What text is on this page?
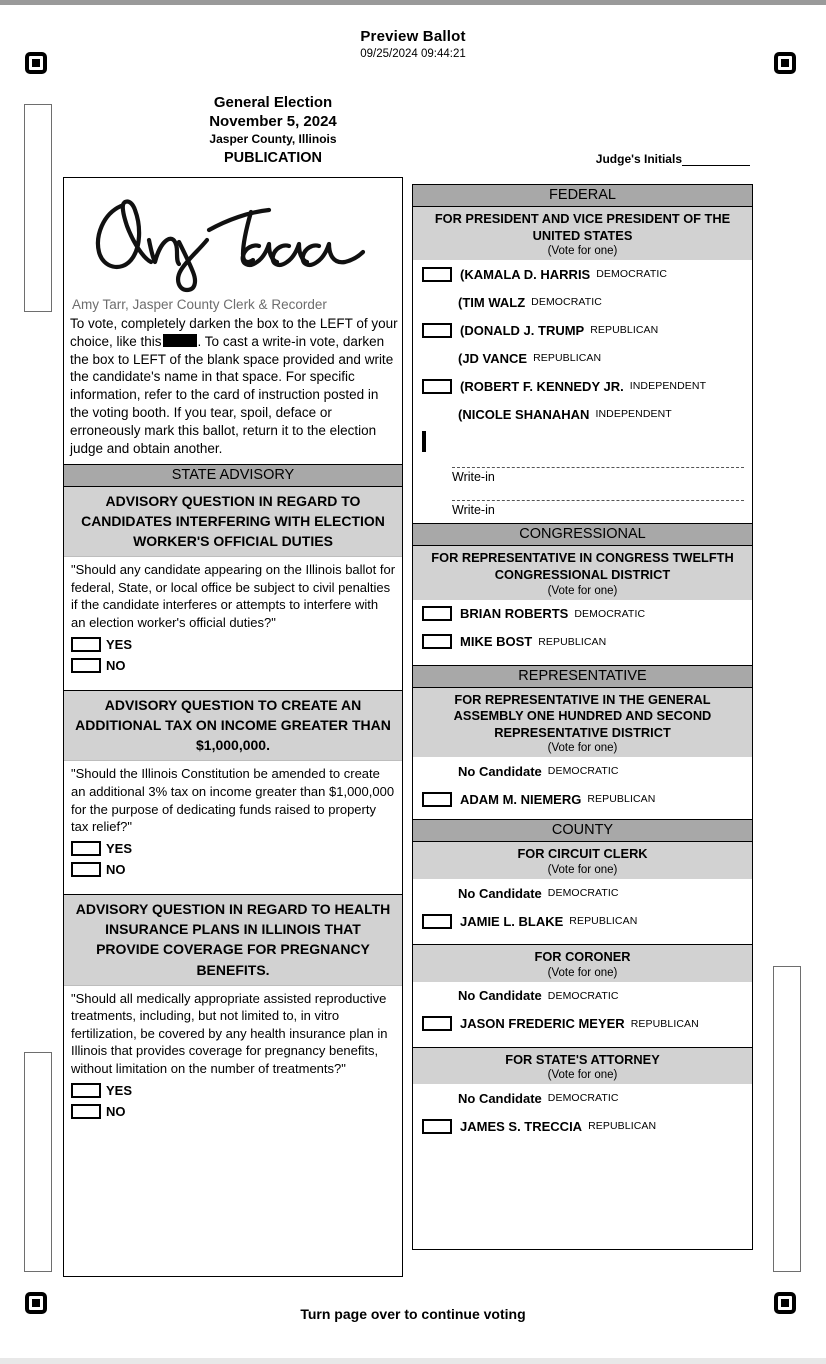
Preview Ballot
09/25/2024 09:44:21
General Election
November 5, 2024
Jasper County, Illinois
PUBLICATION	Judge's Initials
Amy Tarr, Jasper County Clerk & Recorder
To vote, completely darken the box to the LEFT of your choice, like this	. To cast a write-in vote, darken the box to LEFT of the blank space provided and write the candidate's name in that space. For specific information, refer to the card of instruction posted in the voting booth. If you tear, spoil, deface or erroneously mark this ballot, return it to the election judge and obtain another.
STATE ADVISORY
ADVISORY QUESTION IN REGARD TO CANDIDATES INTERFERING WITH ELECTION WORKER'S OFFICIAL DUTIES
"Should any candidate appearing on the Illinois ballot for federal, State, or local office be subject to civil penalties if the candidate interferes or attempts to interfere with an election worker's official duties?"
YES
NO
ADVISORY QUESTION TO CREATE AN ADDITIONAL TAX ON INCOME GREATER THAN $1,000,000.
"Should the Illinois Constitution be amended to create an additional 3% tax on income greater than $1,000,000 for the purpose of dedicating funds raised to property tax relief?"
YES
NO
ADVISORY QUESTION IN REGARD TO HEALTH INSURANCE PLANS IN ILLINOIS THAT PROVIDE COVERAGE FOR PREGNANCY BENEFITS.
"Should all medically appropriate assisted reproductive treatments, including, but not limited to, in vitro fertilization, be covered by any health insurance plan in Illinois that provides coverage for pregnancy benefits, without limitation on the number of treatments?"
YES
NO
FEDERAL
FOR PRESIDENT AND VICE PRESIDENT OF THE UNITED STATES
(Vote for one)
(KAMALA D. HARRIS DEMOCRATIC
(TIM WALZ DEMOCRATIC
(DONALD J. TRUMP REPUBLICAN
(JD VANCE REPUBLICAN
(ROBERT F. KENNEDY JR. INDEPENDENT
(NICOLE SHANAHAN INDEPENDENT
Write-in
Write-in
CONGRESSIONAL
FOR REPRESENTATIVE IN CONGRESS TWELFTH CONGRESSIONAL DISTRICT
(Vote for one)
BRIAN ROBERTS DEMOCRATIC
MIKE BOST REPUBLICAN
REPRESENTATIVE
FOR REPRESENTATIVE IN THE GENERAL ASSEMBLY ONE HUNDRED AND SECOND REPRESENTATIVE DISTRICT
(Vote for one)
No Candidate DEMOCRATIC
ADAM M. NIEMERG REPUBLICAN
COUNTY
FOR CIRCUIT CLERK
(Vote for one)
No Candidate DEMOCRATIC
JAMIE L. BLAKE REPUBLICAN
FOR CORONER
(Vote for one)
No Candidate DEMOCRATIC
JASON FREDERIC MEYER REPUBLICAN
FOR STATE'S ATTORNEY
(Vote for one)
No Candidate DEMOCRATIC
JAMES S. TRECCIA REPUBLICAN
Turn page over to continue voting
